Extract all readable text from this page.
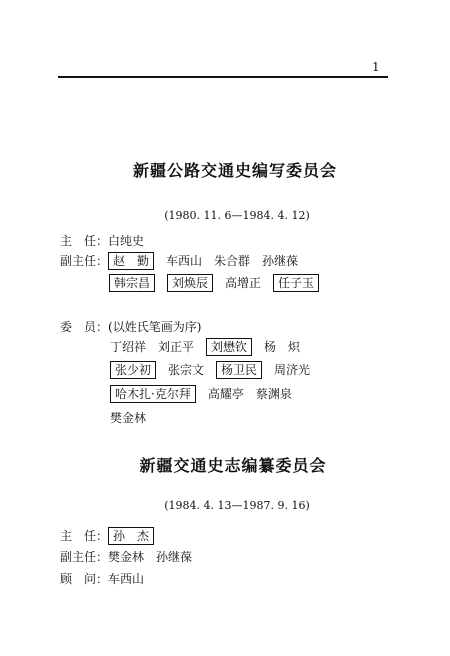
1
新疆公路交通史编写委员会
(1980. 11. 6—1984. 4. 12)
主　任：白纯史
副主任： 赵　勤 车西山 朱合群 孙继葆
韩宗昌 刘焕辰 高增正 任子玉
委　员：(以姓氏笔画为序)
丁绍祥 刘正平 刘懋钦 杨　炽
张少初 张宗文 杨卫民 周济光
哈木扎·克尔拜 高耀亭 蔡渊泉
樊金林
新疆交通史志编纂委员会
(1984. 4. 13—1987. 9. 16)
主　任： 孙　杰
副主任：樊金林 孙继葆
顾　问：车西山
